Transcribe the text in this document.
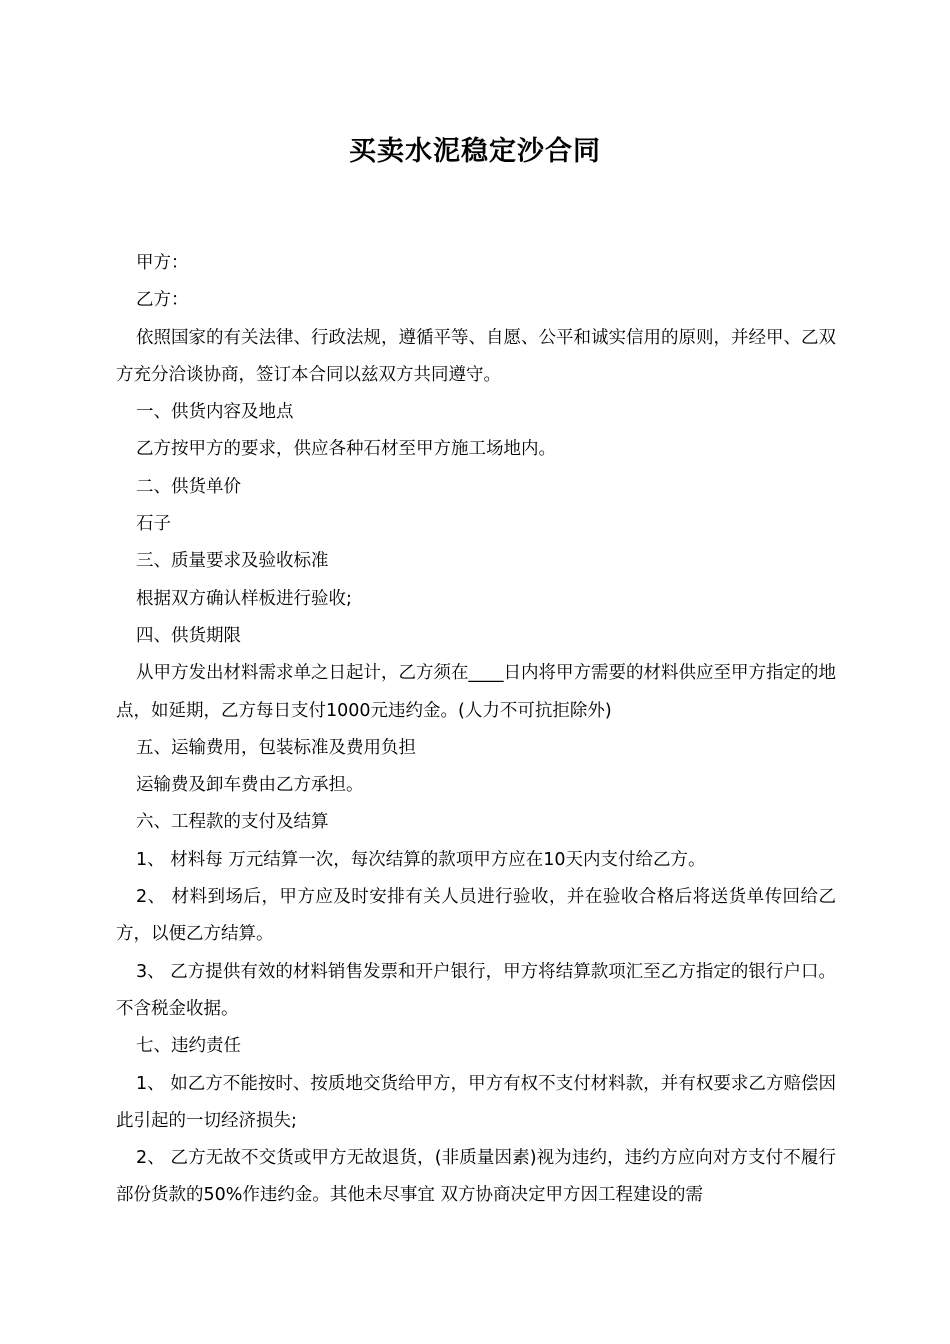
买卖水泥稳定沙合同

甲方：

乙方：

依照国家的有关法律、行政法规，遵循平等、自愿、公平和诚实信用的原则，并经甲、乙双方充分洽谈协商，签订本合同以兹双方共同遵守。

一、供货内容及地点

乙方按甲方的要求，供应各种石材至甲方施工场地内。

二、供货单价

石子

三、质量要求及验收标准

根据双方确认样板进行验收;

四、供货期限

从甲方发出材料需求单之日起计，乙方须在____日内将甲方需要的材料供应至甲方指定的地点，如延期，乙方每日支付1000元违约金。(人力不可抗拒除外)

五、运输费用，包装标准及费用负担

运输费及卸车费由乙方承担。

六、工程款的支付及结算

1、 材料每 万元结算一次，每次结算的款项甲方应在10天内支付给乙方。

2、 材料到场后，甲方应及时安排有关人员进行验收，并在验收合格后将送货单传回给乙方，以便乙方结算。

3、 乙方提供有效的材料销售发票和开户银行，甲方将结算款项汇至乙方指定的银行户口。不含税金收据。

七、违约责任

1、 如乙方不能按时、按质地交货给甲方，甲方有权不支付材料款，并有权要求乙方赔偿因此引起的一切经济损失;

2、 乙方无故不交货或甲方无故退货，(非质量因素)视为违约，违约方应向对方支付不履行部份货款的50%作违约金。其他未尽事宜 双方协商决定甲方因工程建设的需
